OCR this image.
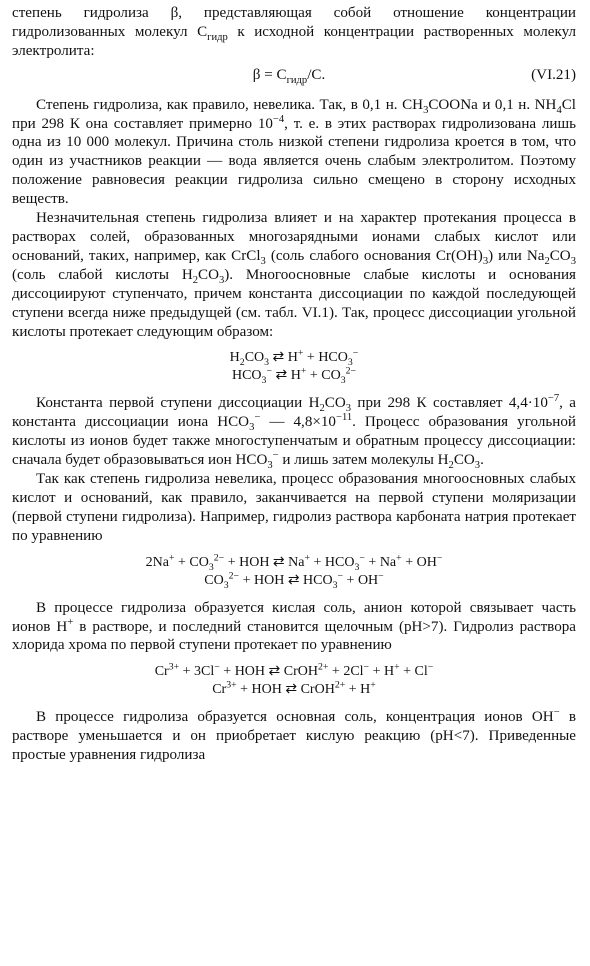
степень гидролиза β, представляющая собой отношение концентрации гидролизованных молекул $C_{гидр}$ к исходной концентрации растворенных молекул электролита:

$\beta = C_{гидр}/C$.	(VI.21)

Степень гидролиза, как правило, невелика. Так, в 0,1 н. $CH_3COONa$ и 0,1 н. $NH_4Cl$ при 298 К она составляет примерно $10^{-4}$, т. е. в этих растворах гидролизована лишь одна из 10 000 молекул. Причина столь низкой степени гидролиза кроется в том, что один из участников реакции — вода является очень слабым электролитом. Поэтому положение равновесия реакции гидролиза сильно смещено в сторону исходных веществ.

Незначительная степень гидролиза влияет и на характер протекания процесса в растворах солей, образованных многозарядными ионами слабых кислот или оснований, таких, например, как CrCl$_3$ (соль слабого основания $Cr(OH)_3$) или $Na_2CO_3$ (соль слабой кислоты $H_2CO_3$). Многоосновные слабые кислоты и основания диссоциируют ступенчато, причем константа диссоциации по каждой последующей ступени всегда ниже предыдущей (см. табл. VI.1). Так, процесс диссоциации угольной кислоты протекает следующим образом:

$H_2CO_3$ ⇄ $H^+ + HCO_3^-$
$HCO_3^-$ ⇄ $H^+ + CO_3^{2-}$

Константа первой ступени диссоциации $H_2CO_3$ при 298 К составляет $4,4\cdot 10^{-7}$, а константа диссоциации иона $HCO_3^-$ — $4,8\times 10^{-11}$. Процесс образования угольной кислоты из ионов будет также многоступенчатым и обратным процессу диссоциации: сначала будет образовываться ион $HCO_3^-$ и лишь затем молекулы $H_2CO_3$.

Так как степень гидролиза невелика, процесс образования многоосновных слабых кислот и оснований, как правило, заканчивается на первой ступени моляризации (первой ступени гидролиза). Например, гидролиз раствора карбоната натрия протекает по уравнению

$2Na^+ + CO_3^{2-}$ + HOH ⇄ $Na^+ + HCO_3^- + Na^+ + OH^-$
$CO_3^{2-}$ + HOH ⇄ $HCO_3^- + OH^-$

В процессе гидролиза образуется кислая соль, анион которой связывает часть ионов H+ в растворе, и последний становится щелочным (pH>7). Гидролиз раствора хлорида хрома по первой ступени протекает по уравнению

$Cr^{3+} + 3Cl^-$ + HOH ⇄ CrOH$^{2+}$ + 2Cl− + H+ + Cl−
$Cr^{3+}$ + HOH ⇄ CrOH$^{2+}$ + H+

В процессе гидролиза образуется основная соль, концентрация ионов OH− в растворе уменьшается и он приобретает кислую реакцию (pH<7). Приведенные простые уравнения гидролиза
